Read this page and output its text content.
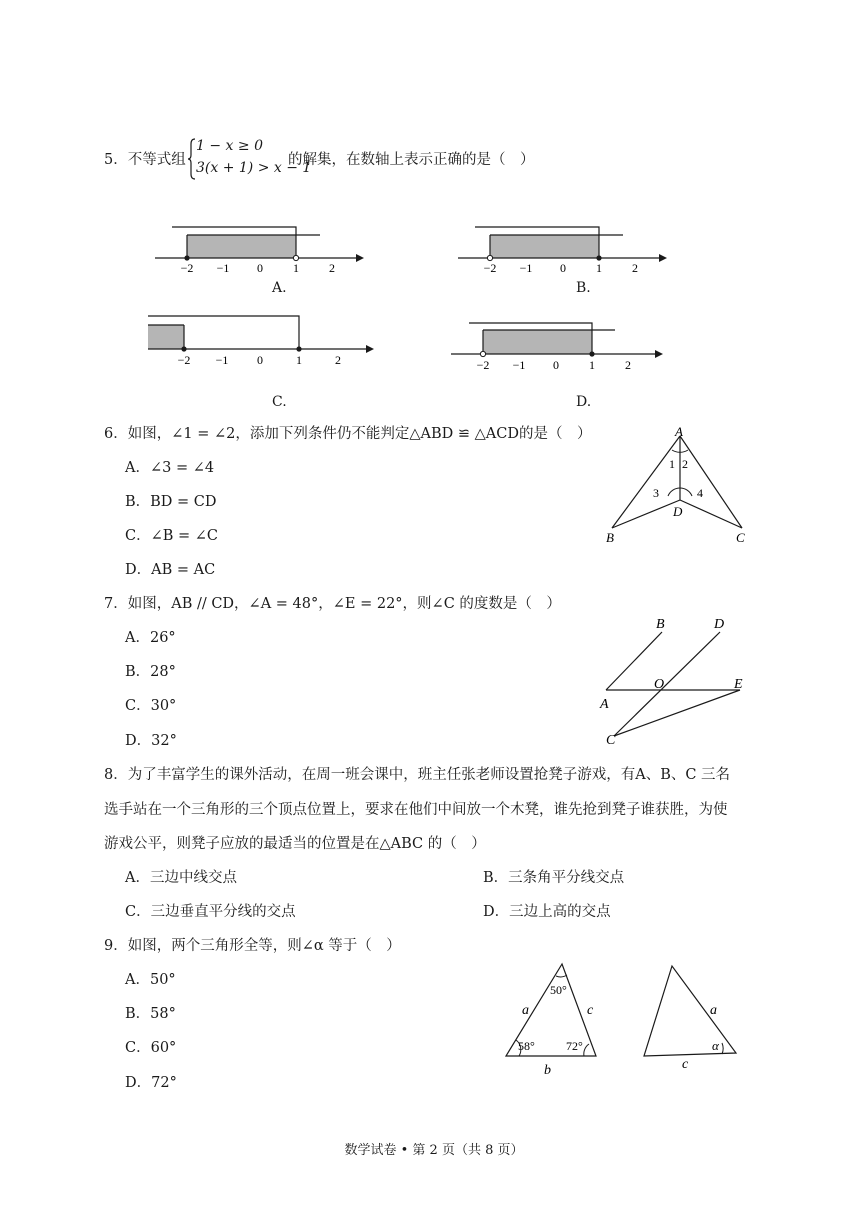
5．不等式组
1 − x ≥ 0
3(x + 1) > x − 1
的解集，在数轴上表示正确的是（　）
−2 −1 0	1	2
A.
−2 −1 0	1	2
B.
−2 −1 0	1	2
C.
−2 −1 0	1	2
D.
6．如图，∠1 = ∠2，添加下列条件仍不能判定△ABD ≌ △ACD的是（　）
A．∠3 = ∠4
B．BD = CD
C．∠B = ∠C
D．AB = AC
A
B	C
D
1 2
3	4
7．如图，AB // CD，∠A = 48°，∠E = 22°，则∠C 的度数是（　）
A．26°
B．28°
C．30°
D．32°
B	D
A
O	E
C
8．为了丰富学生的课外活动，在周一班会课中，班主任张老师设置抢凳子游戏，有A、B、C 三名
选手站在一个三角形的三个顶点位置上，要求在他们中间放一个木凳，谁先抢到凳子谁获胜，为使
游戏公平，则凳子应放的最适当的位置是在△ABC 的（　）
A．三边中线交点	B．三条角平分线交点
C．三边垂直平分线的交点	D．三边上高的交点
9．如图，两个三角形全等，则∠α 等于（　）
A．50°
B．58°
C．60°
D．72°
50°
58°	72°
a	c
b
a
c
α
数学试卷 • 第 2 页（共 8 页）
